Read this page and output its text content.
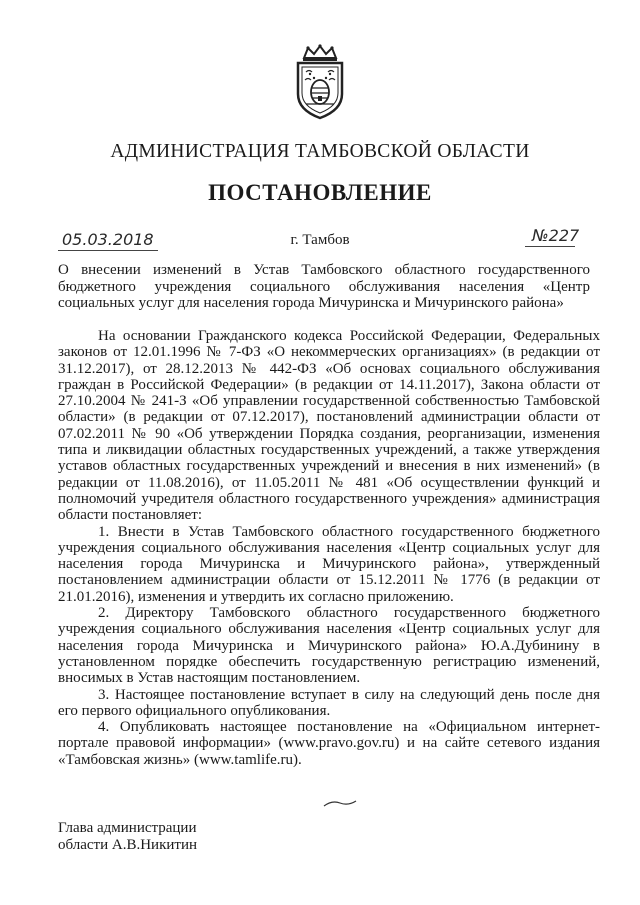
АДМИНИСТРАЦИЯ ТАМБОВСКОЙ ОБЛАСТИ
ПОСТАНОВЛЕНИЕ
05.03.2018	г. Тамбов	№227
О внесении изменений в Устав Тамбовского областного государственного бюджетного учреждения социального обслуживания населения «Центр социальных услуг для населения города Мичуринска и Мичуринского района»

На основании Гражданского кодекса Российской Федерации, Федеральных законов от 12.01.1996 № 7-ФЗ «О некоммерческих организациях» (в редакции от 31.12.2017), от 28.12.2013 № 442-ФЗ «Об основах социального обслуживания граждан в Российской Федерации» (в редакции от 14.11.2017), Закона области от 27.10.2004 № 241-З «Об управлении государственной собственностью Тамбовской области» (в редакции от 07.12.2017), постановлений администрации области от 07.02.2011 № 90 «Об утверждении Порядка создания, реорганизации, изменения типа и ликвидации областных государственных учреждений, а также утверждения уставов областных государственных учреждений и внесения в них изменений» (в редакции от 11.08.2016), от 11.05.2011 № 481 «Об осуществлении функций и полномочий учредителя областного государственного учреждения» администрация области постановляет:

1. Внести в Устав Тамбовского областного государственного бюджетного учреждения социального обслуживания населения «Центр социальных услуг для населения города Мичуринска и Мичуринского района», утвержденный постановлением администрации области от 15.12.2011 № 1776 (в редакции от 21.01.2016), изменения и утвердить их согласно приложению.

2. Директору Тамбовского областного государственного бюджетного учреждения социального обслуживания населения «Центр социальных услуг для населения города Мичуринска и Мичуринского района» Ю.А.Дубинину в установленном порядке обеспечить государственную регистрацию изменений, вносимых в Устав настоящим постановлением.

3. Настоящее постановление вступает в силу на следующий день после дня его первого официального опубликования.

4. Опубликовать настоящее постановление на «Официальном интернет-портале правовой информации» (www.pravo.gov.ru) и на сайте сетевого издания «Тамбовская жизнь» (www.tamlife.ru).

Глава администрации
области А.В.Никитин
